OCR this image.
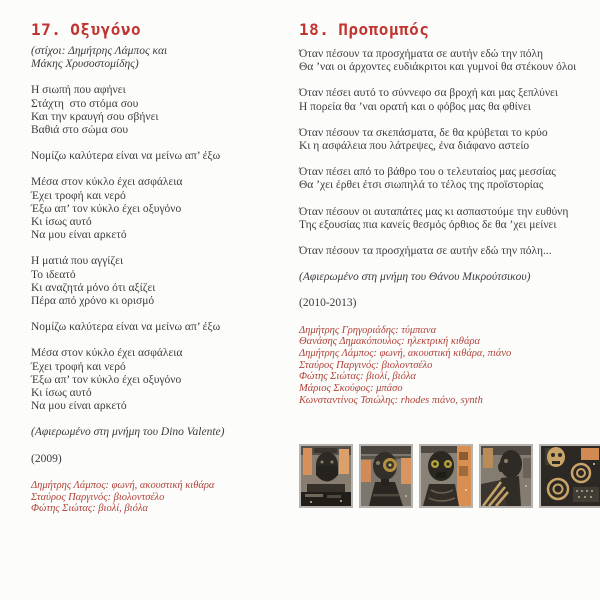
17. Οξυγόνο
(στίχοι: Δημήτρης Λάμπος και
Μάκης Χρυσοστομίδης)
Η σιωπή που αφήνει
Στάχτη  στο στόμα σου
Και την κραυγή σου σβήνει
Βαθιά στο σώμα σου
Νομίζω καλύτερα είναι να μείνω απ’ έξω
Μέσα στον κύκλο έχει ασφάλεια
Έχει τροφή και νερό
Έξω απ’ τον κύκλο έχει οξυγόνο
Κι ίσως αυτό
Να μου είναι αρκετό
Η ματιά που αγγίζει
Το ιδεατό
Κι αναζητά μόνο ότι αξίζει
Πέρα από χρόνο κι ορισμό
Νομίζω καλύτερα είναι να μείνω απ’ έξω
Μέσα στον κύκλο έχει ασφάλεια
Έχει τροφή και νερό
Έξω απ’ τον κύκλο έχει οξυγόνο
Κι ίσως αυτό
Να μου είναι αρκετό
(Αφιερωμένο στη μνήμη του Dino Valente)
(2009)
Δημήτρης Λάμπος: φωνή, ακουστική κιθάρα
Σταύρος Παργινός: βιολοντσέλο
Φώτης Σιώτας: βιολί, βιόλα
18. Προπομπός
Όταν πέσουν τα προσχήματα σε αυτήν εδώ την πόλη
Θα ’ναι οι άρχοντες ευδιάκριτοι και γυμνοί θα στέκουν όλοι
Όταν πέσει αυτό το σύννεφο σα βροχή και μας ξεπλύνει
Η πορεία θα ’ναι ορατή και ο φόβος μας θα φθίνει
Όταν πέσουν τα σκεπάσματα, δε θα κρύβεται το κρύο
Κι η ασφάλεια που λάτρεψες, ένα διάφανο αστείο
Όταν πέσει από το βάθρο του ο τελευταίος μας μεσσίας
Θα ’χει έρθει έτσι σιωπηλά το τέλος της προϊστορίας
Όταν πέσουν οι αυταπάτες μας κι ασπαστούμε την ευθύνη
Της εξουσίας πια κανείς θεσμός όρθιος δε θα ’χει μείνει
Όταν πέσουν τα προσχήματα σε αυτήν εδώ την πόλη...
(Αφιερωμένο στη μνήμη του Θάνου Μικρούτσικου)
(2010-2013)
Δημήτρης Γρηγοριάδης: τύμπανα
Θανάσης Δημακόπουλος: ηλεκτρική κιθάρα
Δημήτρης Λάμπος: φωνή, ακουστική κιθάρα, πιάνο
Σταύρος Παργινός: βιολοντσέλο
Φώτης Σιώτας: βιολί, βιόλα
Μάριος Σκούφος: μπάσο
Κωνσταντίνος Τσιώλης: rhodes πιάνο, synth
